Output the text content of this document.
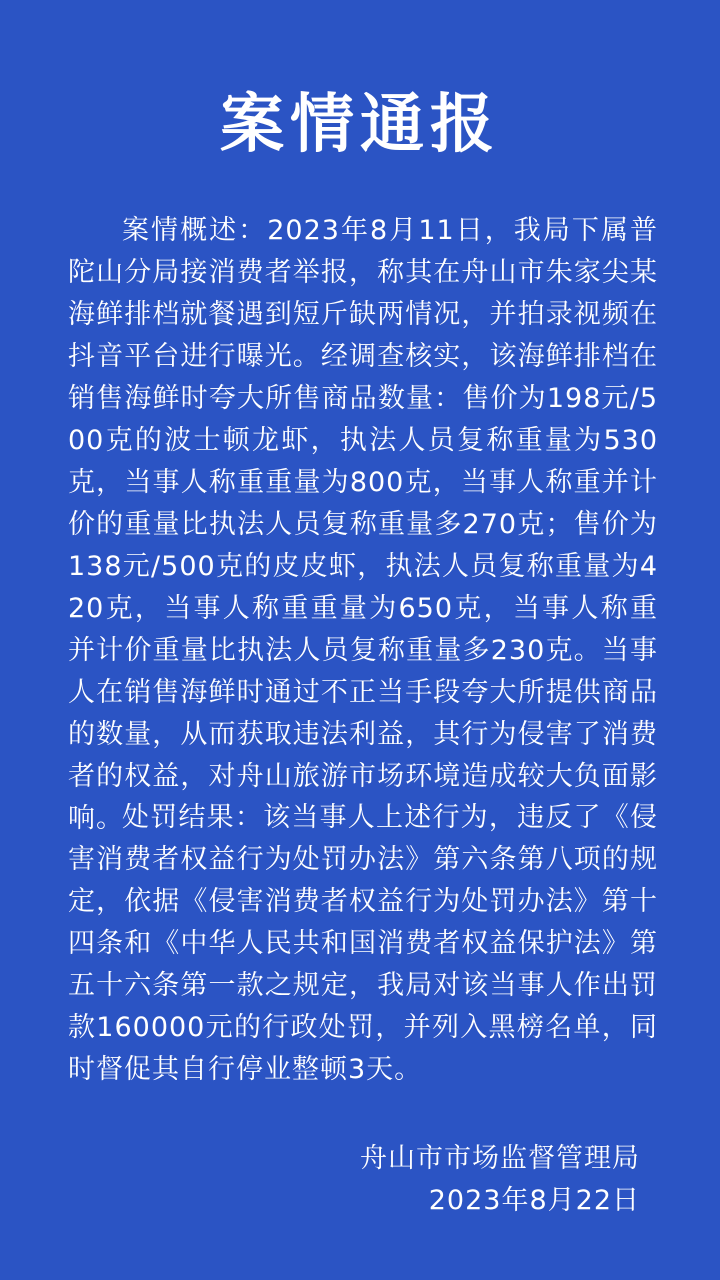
案情通报

案情概述：2023年8月11日，我局下属普陀山分局接消费者举报，称其在舟山市朱家尖某海鲜排档就餐遇到短斤缺两情况，并拍录视频在抖音平台进行曝光。经调查核实，该海鲜排档在销售海鲜时夸大所售商品数量：售价为198元/500克的波士顿龙虾，执法人员复称重量为530克，当事人称重重量为800克，当事人称重并计价的重量比执法人员复称重量多270克；售价为138元/500克的皮皮虾，执法人员复称重量为420克，当事人称重重量为650克，当事人称重并计价重量比执法人员复称重量多230克。当事人在销售海鲜时通过不正当手段夸大所提供商品的数量，从而获取违法利益，其行为侵害了消费者的权益，对舟山旅游市场环境造成较大负面影响。

处罚结果：该当事人上述行为，违反了《侵害消费者权益行为处罚办法》第六条第八项的规定，依据《侵害消费者权益行为处罚办法》第十四条和《中华人民共和国消费者权益保护法》第五十六条第一款之规定，我局对该当事人作出罚款160000元的行政处罚，并列入黑榜名单，同时督促其自行停业整顿3天。

舟山市市场监督管理局
2023年8月22日
